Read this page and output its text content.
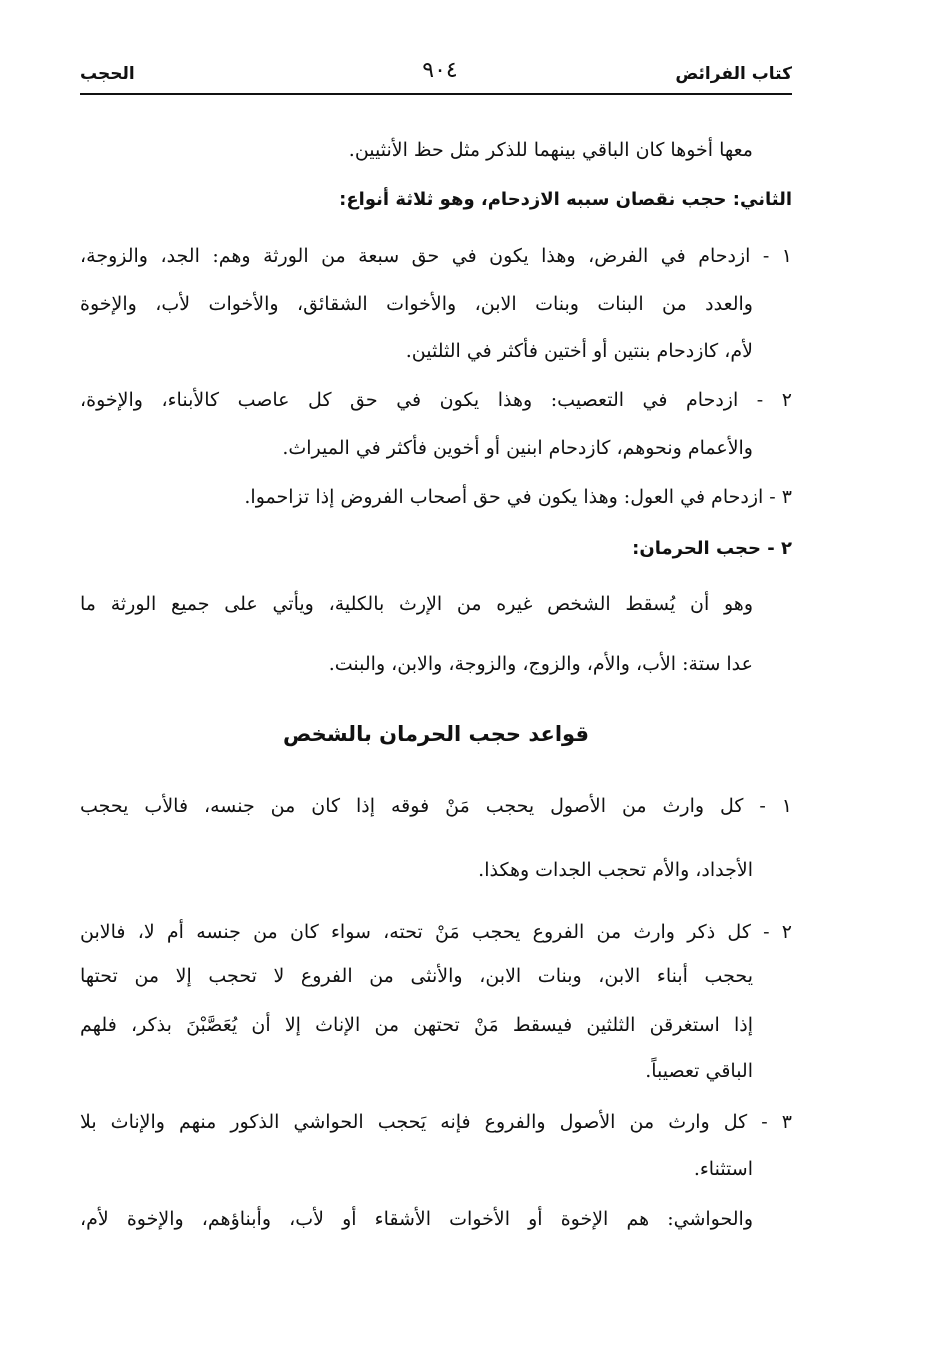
كتاب الفرائض
٩٠٤
الحجب
معها أخوها كان الباقي بينهما للذكر مثل حظ الأنثيين.
الثاني: حجب نقصان سببه الازدحام، وهو ثلاثة أنواع:
١ - ازدحام في الفرض، وهذا يكون في حق سبعة من الورثة وهم: الجد، والزوجة،
والعدد من البنات وبنات الابن، والأخوات الشقائق، والأخوات لأب، والإخوة
لأم، كازدحام بنتين أو أختين فأكثر في الثلثين.
٢ - ازدحام في التعصيب: وهذا يكون في حق كل عاصب كالأبناء، والإخوة،
والأعمام ونحوهم، كازدحام ابنين أو أخوين فأكثر في الميراث.
٣ - ازدحام في العول: وهذا يكون في حق أصحاب الفروض إذا تزاحموا.
٢ - حجب الحرمان:
وهو أن يُسقط الشخص غيره من الإرث بالكلية، ويأتي على جميع الورثة ما
عدا ستة: الأب، والأم، والزوج، والزوجة، والابن، والبنت.
قواعد حجب الحرمان بالشخص
١ - كل وارث من الأصول يحجب مَنْ فوقه إذا كان من جنسه، فالأب يحجب
الأجداد، والأم تحجب الجدات وهكذا.
٢ - كل ذكر وارث من الفروع يحجب مَنْ تحته، سواء كان من جنسه أم لا، فالابن
يحجب أبناء الابن، وبنات الابن، والأنثى من الفروع لا تحجب إلا من تحتها
إذا استغرقن الثلثين فيسقط مَنْ تحتهن من الإناث إلا أن يُعَصَّبْنَ بذكر، فلهم
الباقي تعصيباً.
٣ - كل وارث من الأصول والفروع فإنه يَحجب الحواشي الذكور منهم والإناث بلا
استثناء.
والحواشي: هم الإخوة أو الأخوات الأشقاء أو لأب، وأبناؤهم، والإخوة لأم،
